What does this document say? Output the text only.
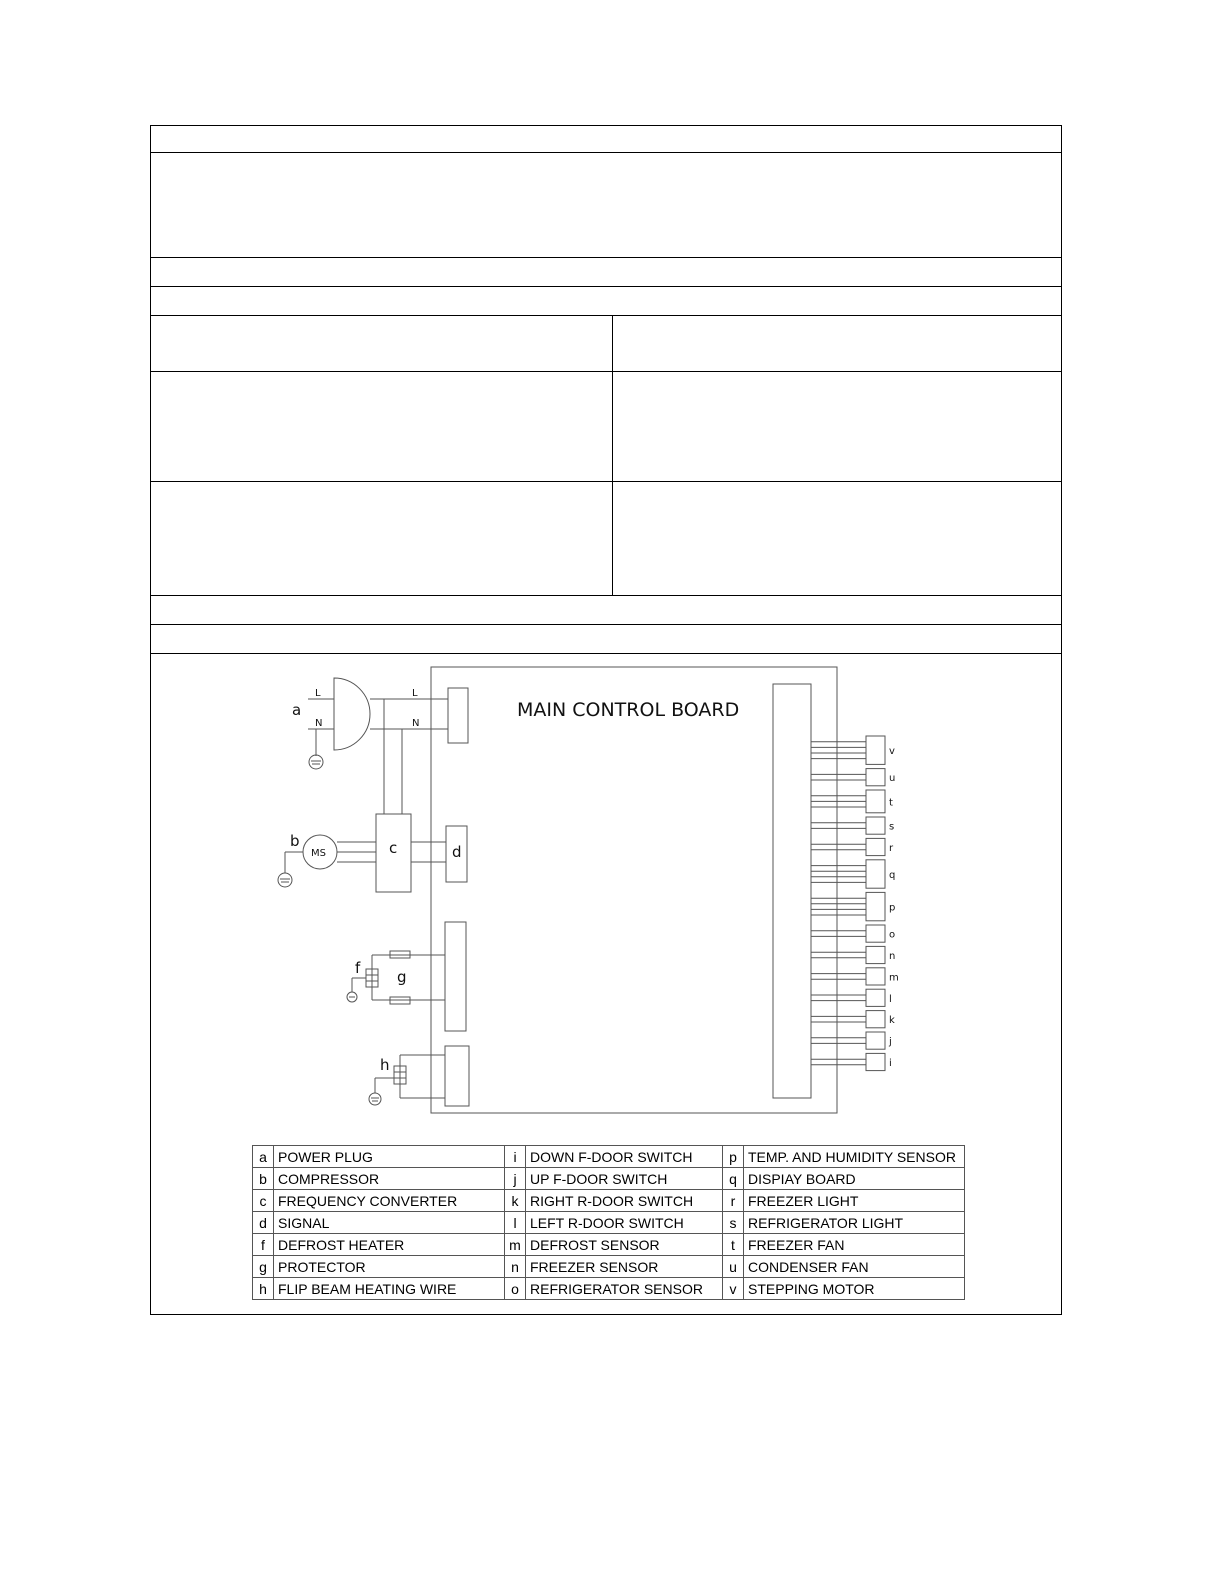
MAIN CONTROL BOARD
a
L
N
L
N
b
MS	c	d
f g
h
v
u
t
s
r
q
p
o
n
m
l
k
j
i
a	POWER PLUG	i	DOWN F-DOOR SWITCH	p	TEMP. AND HUMIDITY SENSOR
b	COMPRESSOR	j	UP F-DOOR SWITCH	q	DISPIAY BOARD
c	FREQUENCY CONVERTER	k	RIGHT R-DOOR SWITCH	r	FREEZER LIGHT
d	SIGNAL	l	LEFT R-DOOR SWITCH	s	REFRIGERATOR LIGHT
f	DEFROST HEATER	m	DEFROST SENSOR	t	FREEZER FAN
g	PROTECTOR	n	FREEZER SENSOR	u	CONDENSER FAN
h	FLIP BEAM HEATING WIRE	o	REFRIGERATOR SENSOR	v	STEPPING MOTOR
